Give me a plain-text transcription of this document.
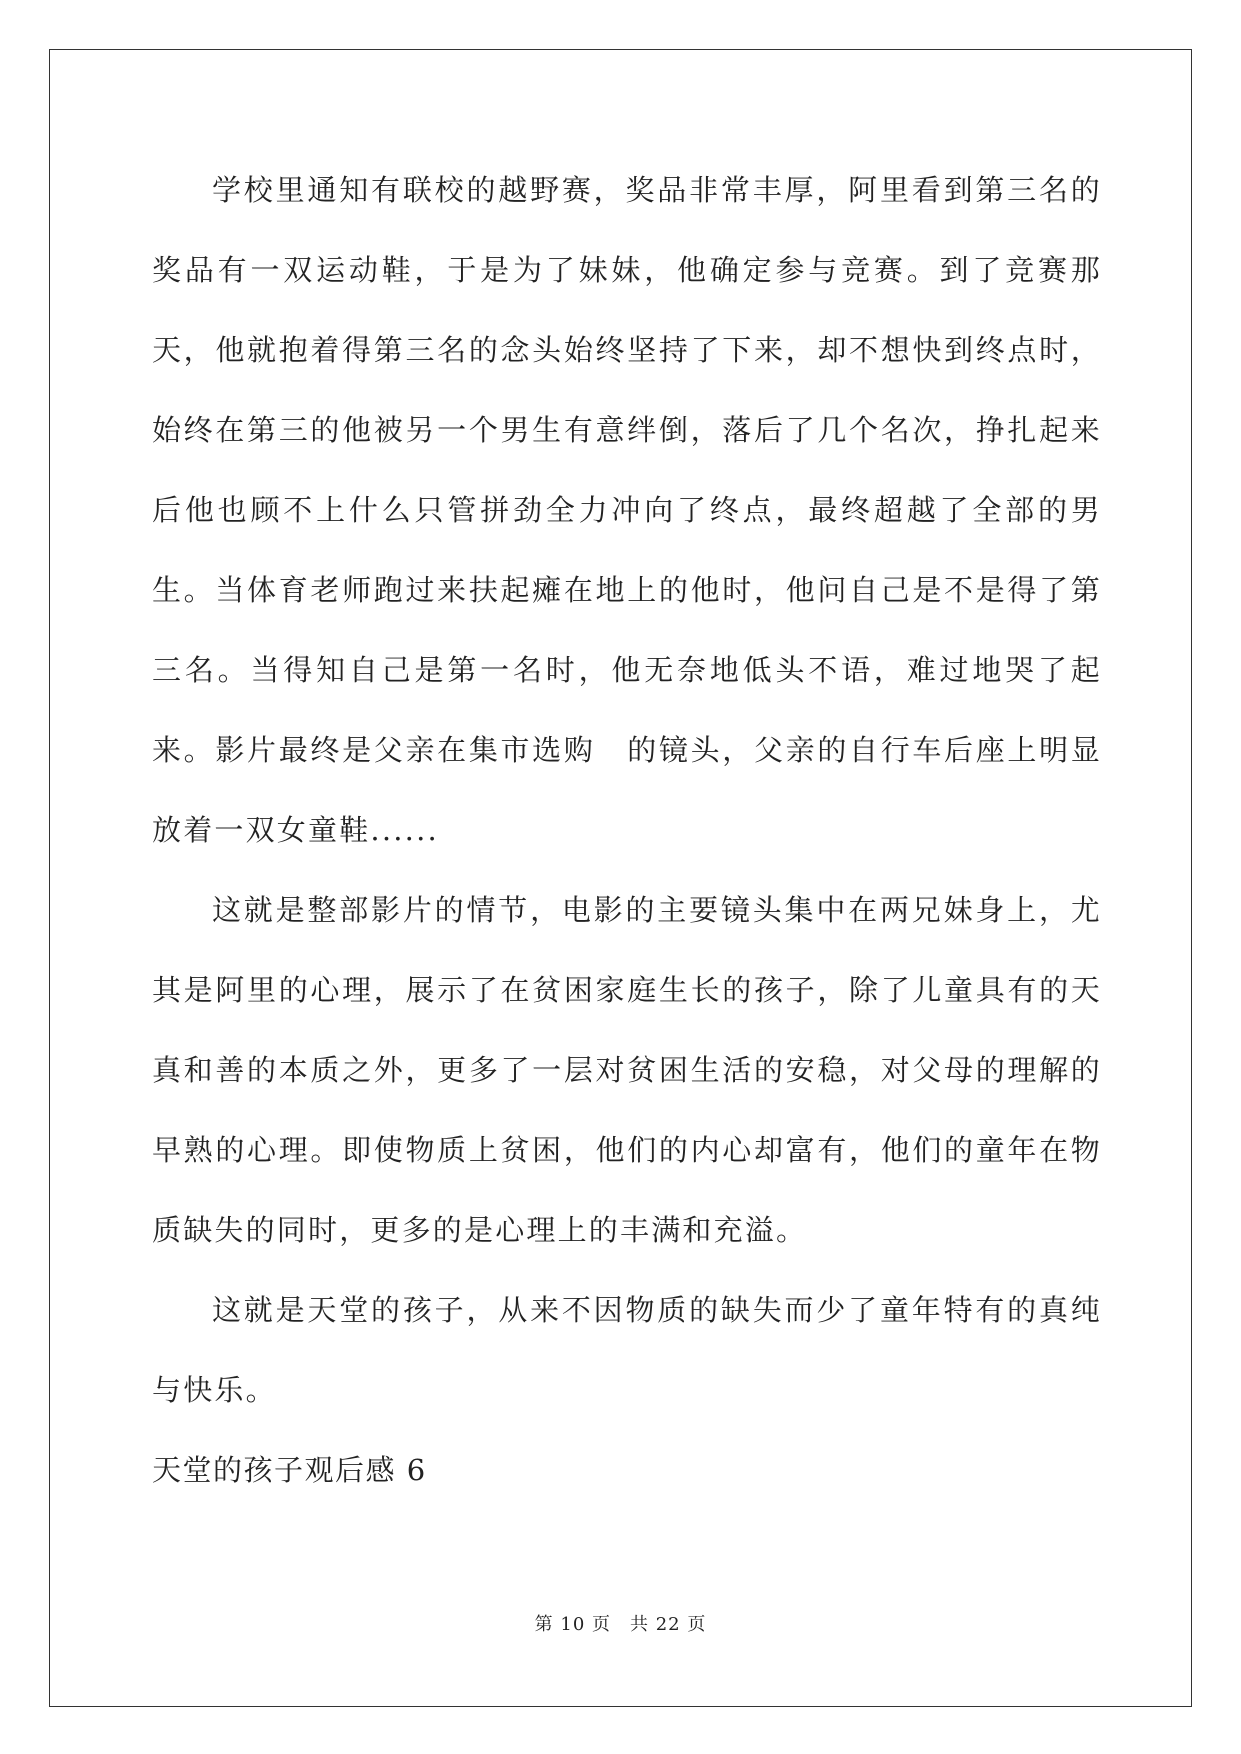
学校里通知有联校的越野赛，奖品非常丰厚，阿里看到第三名的奖品有一双运动鞋，于是为了妹妹，他确定参与竞赛。到了竞赛那天，他就抱着得第三名的念头始终坚持了下来，却不想快到终点时，始终在第三的他被另一个男生有意绊倒，落后了几个名次，挣扎起来后他也顾不上什么只管拼劲全力冲向了终点，最终超越了全部的男生。当体育老师跑过来扶起瘫在地上的他时，他问自己是不是得了第三名。当得知自己是第一名时，他无奈地低头不语，难过地哭了起来。影片最终是父亲在集市选购　的镜头，父亲的自行车后座上明显放着一双女童鞋......

这就是整部影片的情节，电影的主要镜头集中在两兄妹身上，尤其是阿里的心理，展示了在贫困家庭生长的孩子，除了儿童具有的天真和善的本质之外，更多了一层对贫困生活的安稳，对父母的理解的早熟的心理。即使物质上贫困，他们的内心却富有，他们的童年在物质缺失的同时，更多的是心理上的丰满和充溢。

这就是天堂的孩子，从来不因物质的缺失而少了童年特有的真纯与快乐。

天堂的孩子观后感 6

第 10 页　共 22 页
